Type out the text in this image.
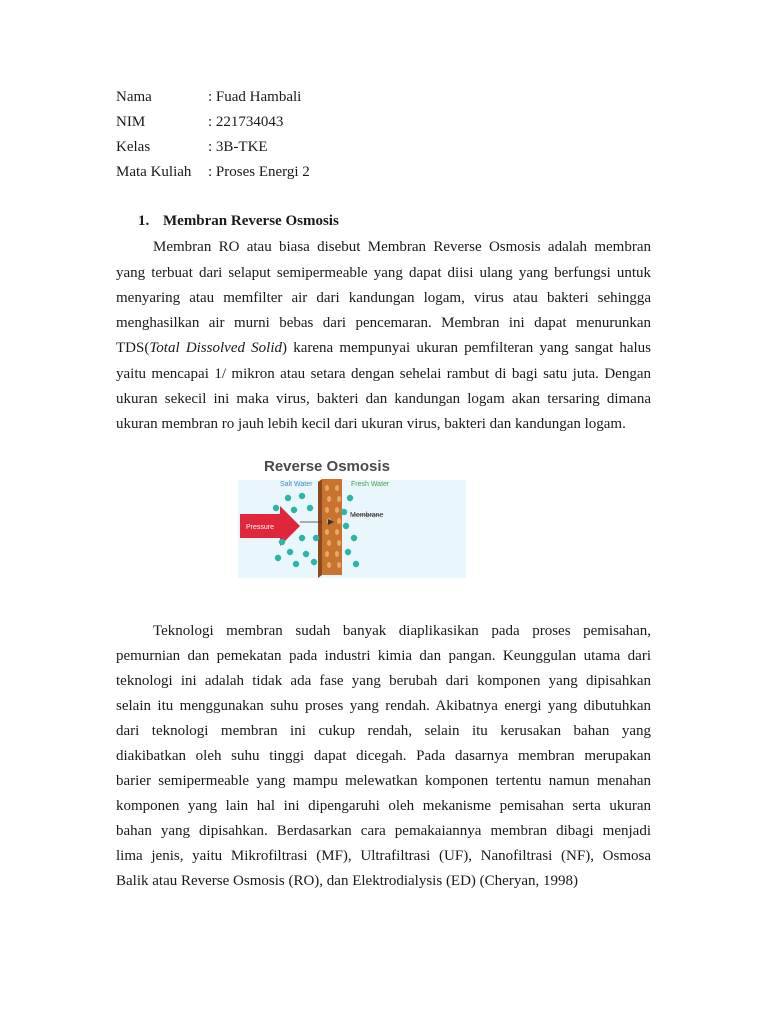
Nama	: Fuad Hambali
NIM	: 221734043
Kelas	: 3B-TKE
Mata Kuliah : Proses Energi 2
1. Membran Reverse Osmosis
Membran RO atau biasa disebut Membran Reverse Osmosis adalah membran
yang terbuat dari selaput semipermeable yang dapat diisi ulang yang berfungsi untuk
menyaring atau memfilter air dari kandungan logam, virus atau bakteri sehingga
menghasilkan air murni bebas dari pencemaran. Membran ini dapat menurunkan
TDS(Total Dissolved Solid) karena mempunyai ukuran pemfilteran yang sangat halus
yaitu mencapai 1/ mikron atau setara dengan sehelai rambut di bagi satu juta. Dengan
ukuran sekecil ini maka virus, bakteri dan kandungan logam akan tersaring dimana
ukuran membran ro jauh lebih kecil dari ukuran virus, bakteri dan kandungan logam.
Reverse Osmosis
Salt Water	Fresh Water
Membrane
Pressure
Teknologi membran sudah banyak diaplikasikan pada proses pemisahan,
pemurnian dan pemekatan pada industri kimia dan pangan. Keunggulan utama dari
teknologi ini adalah tidak ada fase yang berubah dari komponen yang dipisahkan
selain itu menggunakan suhu proses yang rendah. Akibatnya energi yang dibutuhkan
dari teknologi membran ini cukup rendah, selain itu kerusakan bahan yang
diakibatkan oleh suhu tinggi dapat dicegah. Pada dasarnya membran merupakan
barier semipermeable yang mampu melewatkan komponen tertentu namun menahan
komponen yang lain hal ini dipengaruhi oleh mekanisme pemisahan serta ukuran
bahan yang dipisahkan. Berdasarkan cara pemakaiannya membran dibagi menjadi
lima jenis, yaitu Mikrofiltrasi (MF), Ultrafiltrasi (UF), Nanofiltrasi (NF), Osmosa
Balik atau Reverse Osmosis (RO), dan Elektrodialysis (ED) (Cheryan, 1998)
